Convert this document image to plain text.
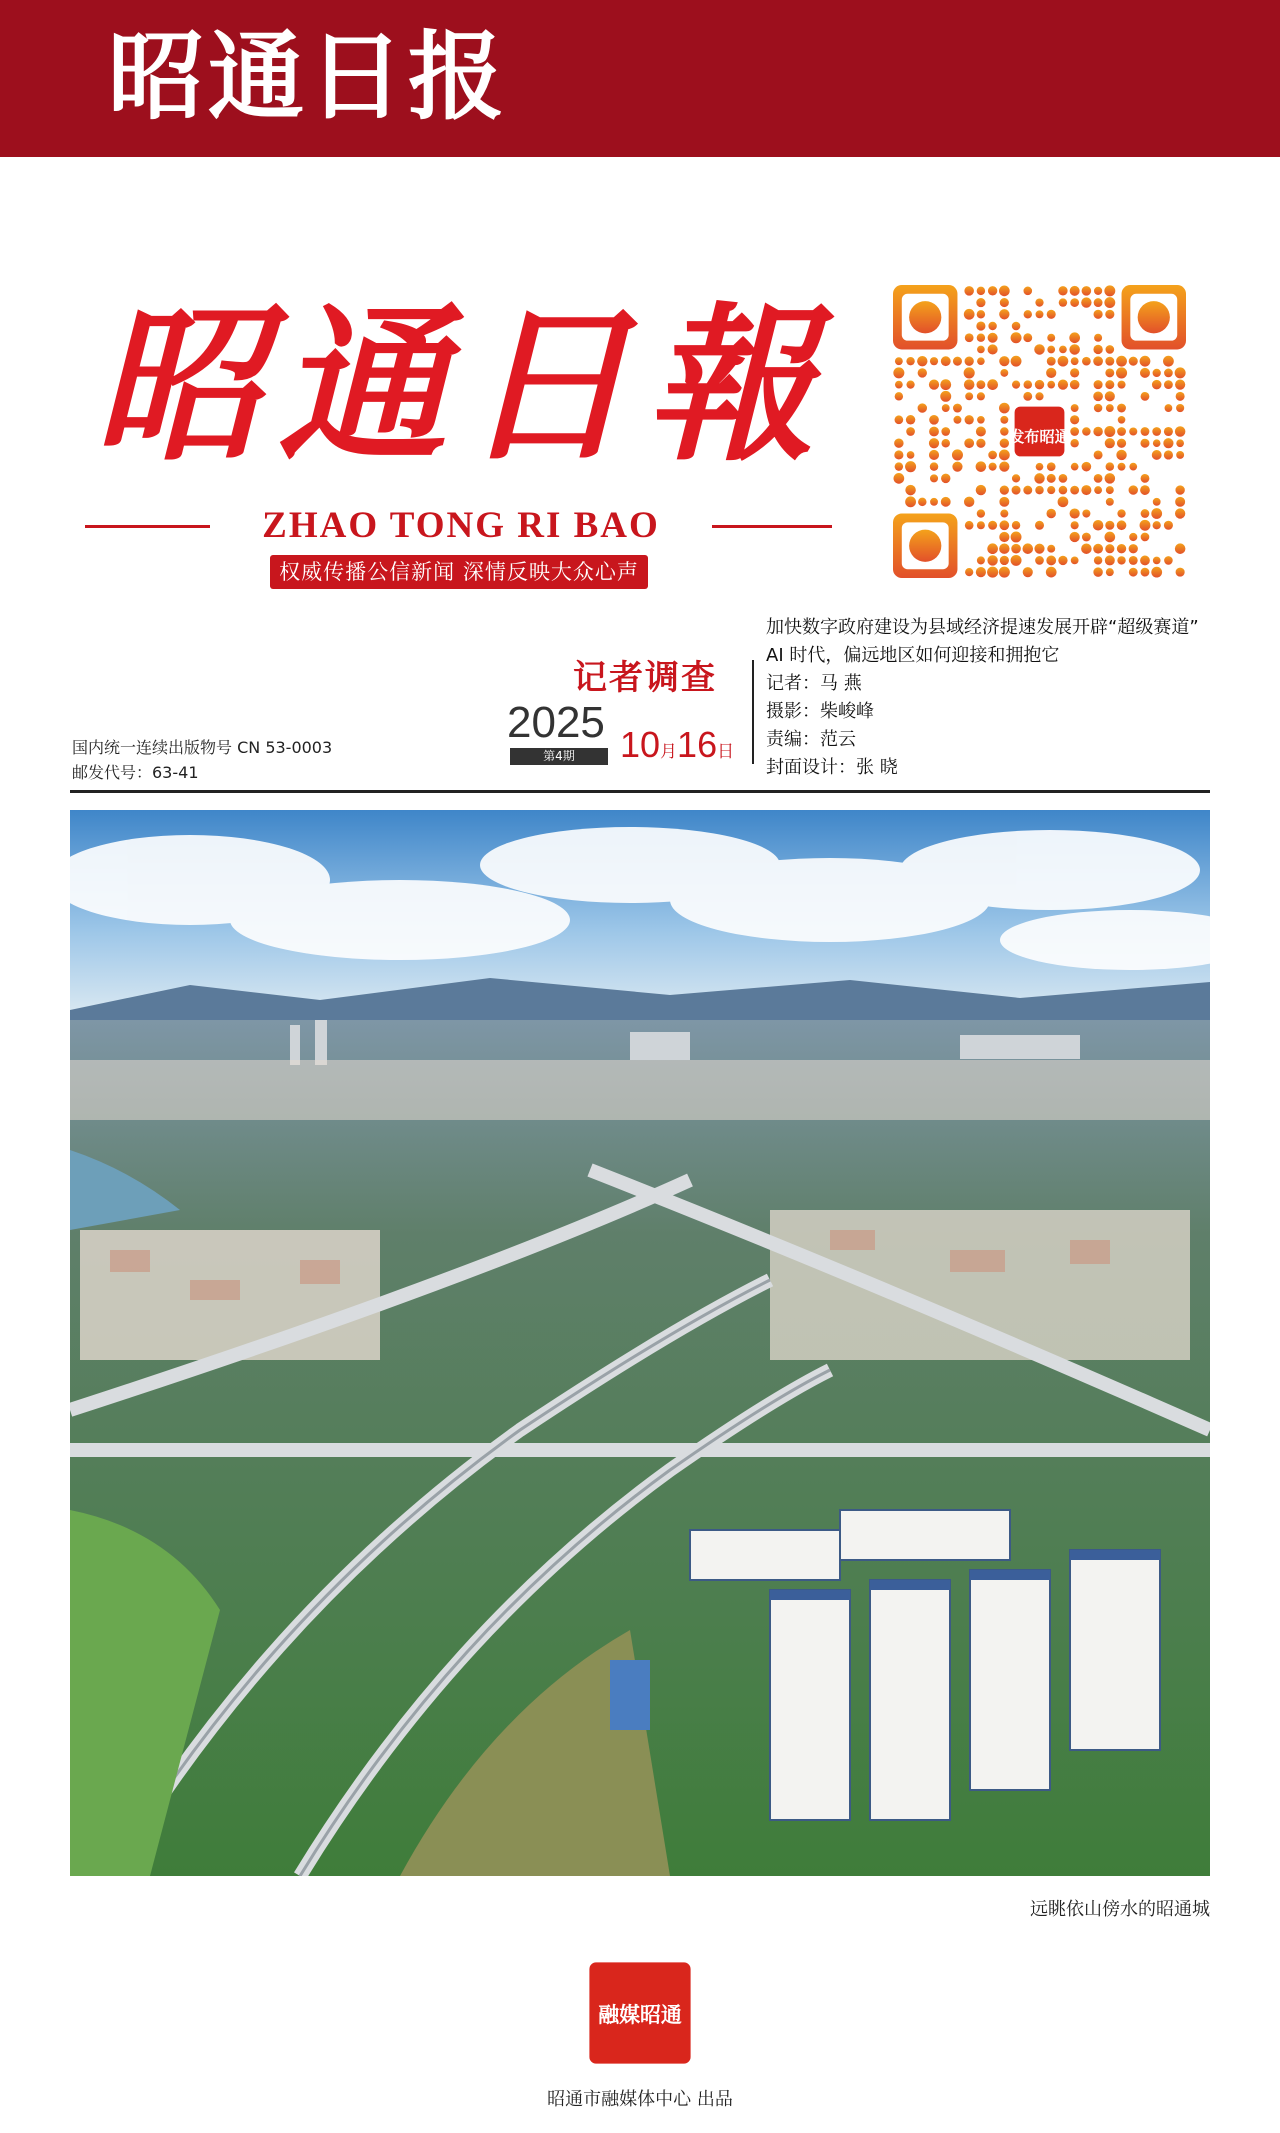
昭通日报
昭通日報
ZHAO TONG RI BAO
权威传播公信新闻 深情反映大众心声
发布昭通
加快数字政府建设为县域经济提速发展开辟“超级赛道”
AI 时代，偏远地区如何迎接和拥抱它
记者调查	记者：马 燕
摄影：柴峻峰
责编：范云
封面设计：张 晓
2025
第4期	10月16日
国内统一连续出版物号 CN 53-0003
邮发代号：63-41
远眺依山傍水的昭通城
融媒昭通
昭通市融媒体中心 出品
